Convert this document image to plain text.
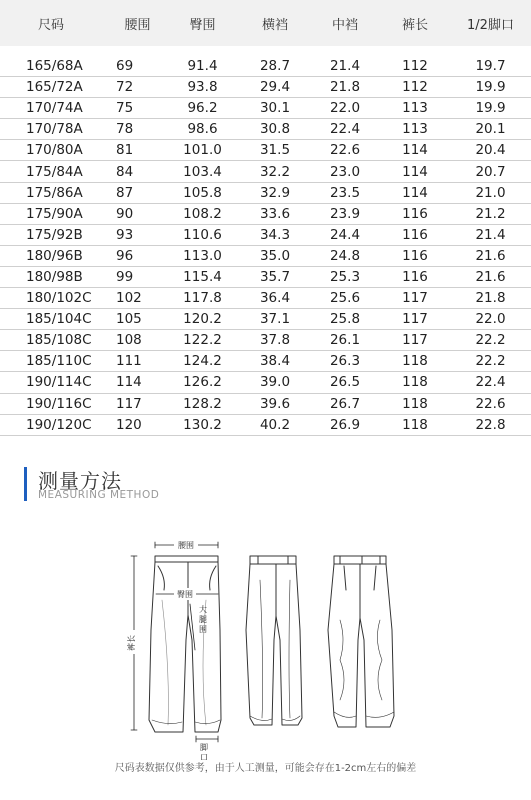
尺码	腰围	臀围	横裆	中裆	裤长	1/2脚口
165/68A	69	91.4	28.7	21.4	112	19.7
165/72A	72	93.8	29.4	21.8	112	19.9
170/74A	75	96.2	30.1	22.0	113	19.9
170/78A	78	98.6	30.8	22.4	113	20.1
170/80A	81	101.0	31.5	22.6	114	20.4
175/84A	84	103.4	32.2	23.0	114	20.7
175/86A	87	105.8	32.9	23.5	114	21.0
175/90A	90	108.2	33.6	23.9	116	21.2
175/92B	93	110.6	34.3	24.4	116	21.4
180/96B	96	113.0	35.0	24.8	116	21.6
180/98B	99	115.4	35.7	25.3	116	21.6
180/102C	102	117.8	36.4	25.6	117	21.8
185/104C	105	120.2	37.1	25.8	117	22.0
185/108C	108	122.2	37.8	26.1	117	22.2
185/110C	111	124.2	38.4	26.3	118	22.2
190/114C	114	126.2	39.0	26.5	118	22.4
190/116C	117	128.2	39.6	26.7	118	22.6
190/120C	120	130.2	40.2	26.9	118	22.8
测量方法
MEASURING METHOD
腰围
臀围
大 腿 围
裤长
脚 口
尺码表数据仅供参考，由于人工测量，可能会存在1-2cm左右的偏差
